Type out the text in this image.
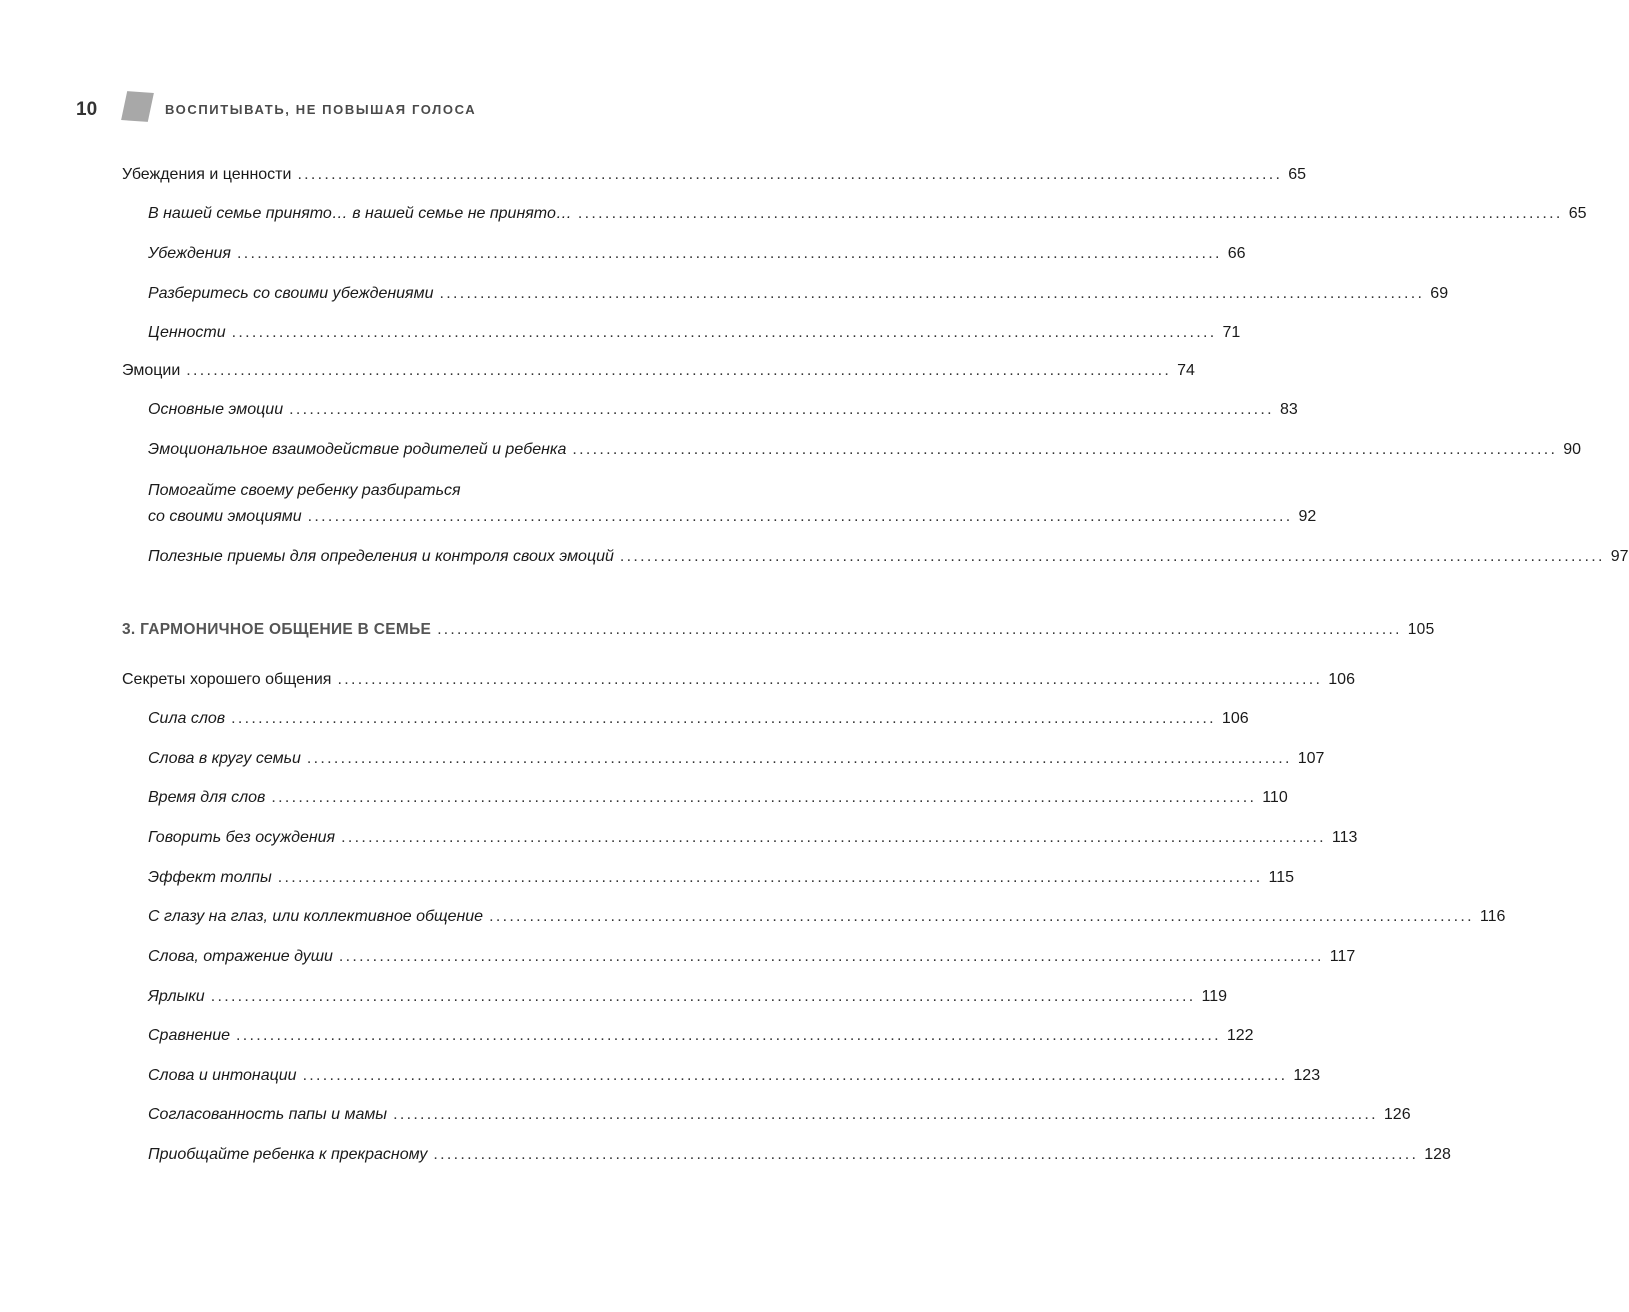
10	ВОСПИТЫВАТЬ, НЕ ПОВЫШАЯ ГОЛОСА
Убеждения и ценности .................................................................................................................................................. 65
В нашей семье принято… в нашей семье не принято… .................................................................................................................................................. 65
Убеждения .................................................................................................................................................. 66
Разберитесь со своими убеждениями .................................................................................................................................................. 69
Ценности .................................................................................................................................................. 71
Эмоции .................................................................................................................................................. 74
Основные эмоции .................................................................................................................................................. 83
Эмоциональное взаимодействие родителей и ребенка .................................................................................................................................................. 90
Помогайте своему ребенку разбираться
со своими эмоциями .................................................................................................................................................. 92
Полезные приемы для определения и контроля своих эмоций .................................................................................................................................................. 97
3. ГАРМОНИЧНОЕ ОБЩЕНИЕ В СЕМЬЕ .................................................................................................................................................. 105
Секреты хорошего общения .................................................................................................................................................. 106
Сила слов .................................................................................................................................................. 106
Слова в кругу семьи .................................................................................................................................................. 107
Время для слов .................................................................................................................................................. 110
Говорить без осуждения .................................................................................................................................................. 113
Эффект толпы .................................................................................................................................................. 115
С глазу на глаз, или коллективное общение .................................................................................................................................................. 116
Слова, отражение души .................................................................................................................................................. 117
Ярлыки .................................................................................................................................................. 119
Сравнение .................................................................................................................................................. 122
Слова и интонации .................................................................................................................................................. 123
Согласованность папы и мамы .................................................................................................................................................. 126
Приобщайте ребенка к прекрасному .................................................................................................................................................. 128
